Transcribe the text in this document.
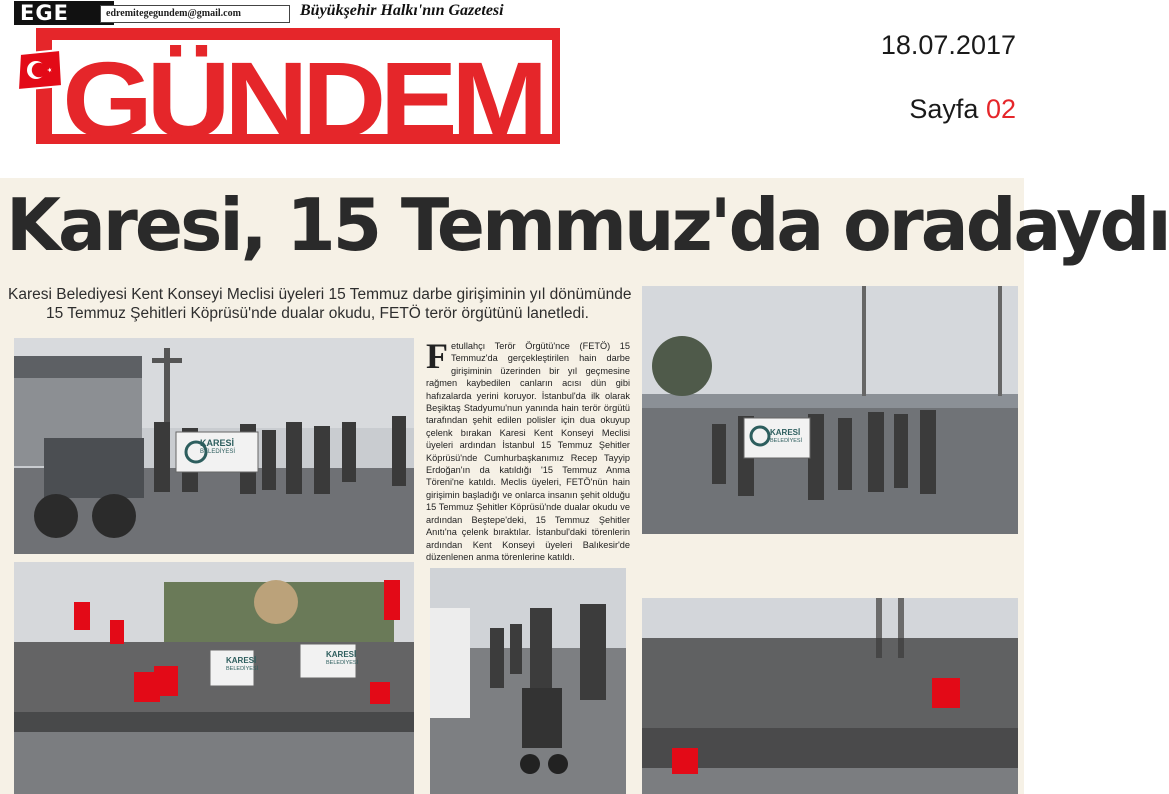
GÜNDEM
EGE	edremitegegundem@gmail.com	Büyükşehir Halkı'nın Gazetesi
18.07.2017
Sayfa 02
Karesi, 15 Temmuz'da oradaydı
Karesi Belediyesi Kent Konseyi Meclisi üyeleri 15 Temmuz darbe girişiminin yıl dönümünde
15 Temmuz Şehitleri Köprüsü'nde dualar okudu, FETÖ terör örgütünü lanetledi.
Fetullahçı Terör Örgütü'nce (FETÖ) 15 Temmuz'da gerçekleştirilen hain darbe girişiminin üzerinden bir yıl geçmesine rağmen kaybedilen canların acısı dün gibi hafızalarda yerini koruyor. İstanbul'da ilk olarak Beşiktaş Stadyumu'nun yanında hain terör örgütü tarafından şehit edilen polisler için dua okuyup çelenk bırakan Karesi Kent Konseyi Meclisi üyeleri ardından İstanbul 15 Temmuz Şehitler Köprüsü'nde Cumhurbaşkanımız Recep Tayyip Erdoğan'ın da katıldığı '15 Temmuz Anma Töreni'ne katıldı. Meclis üyeleri, FETÖ'nün hain girişimin başladığı ve onlarca insanın şehit olduğu 15 Temmuz Şehitler Köprüsü'nde dualar okudu ve ardından Beştepe'deki, 15 Temmuz Şehitler Anıtı'na çelenk bıraktılar. İstanbul'daki törenlerin ardından Kent Konseyi üyeleri Balıkesir'de düzenlenen anma törenlerine katıldı.
KARESİ
BELEDİYESİ
KARESİ
BELEDİYESİ
KARESİ
BELEDİYESİ
KARESİ
BELEDİYESİ
